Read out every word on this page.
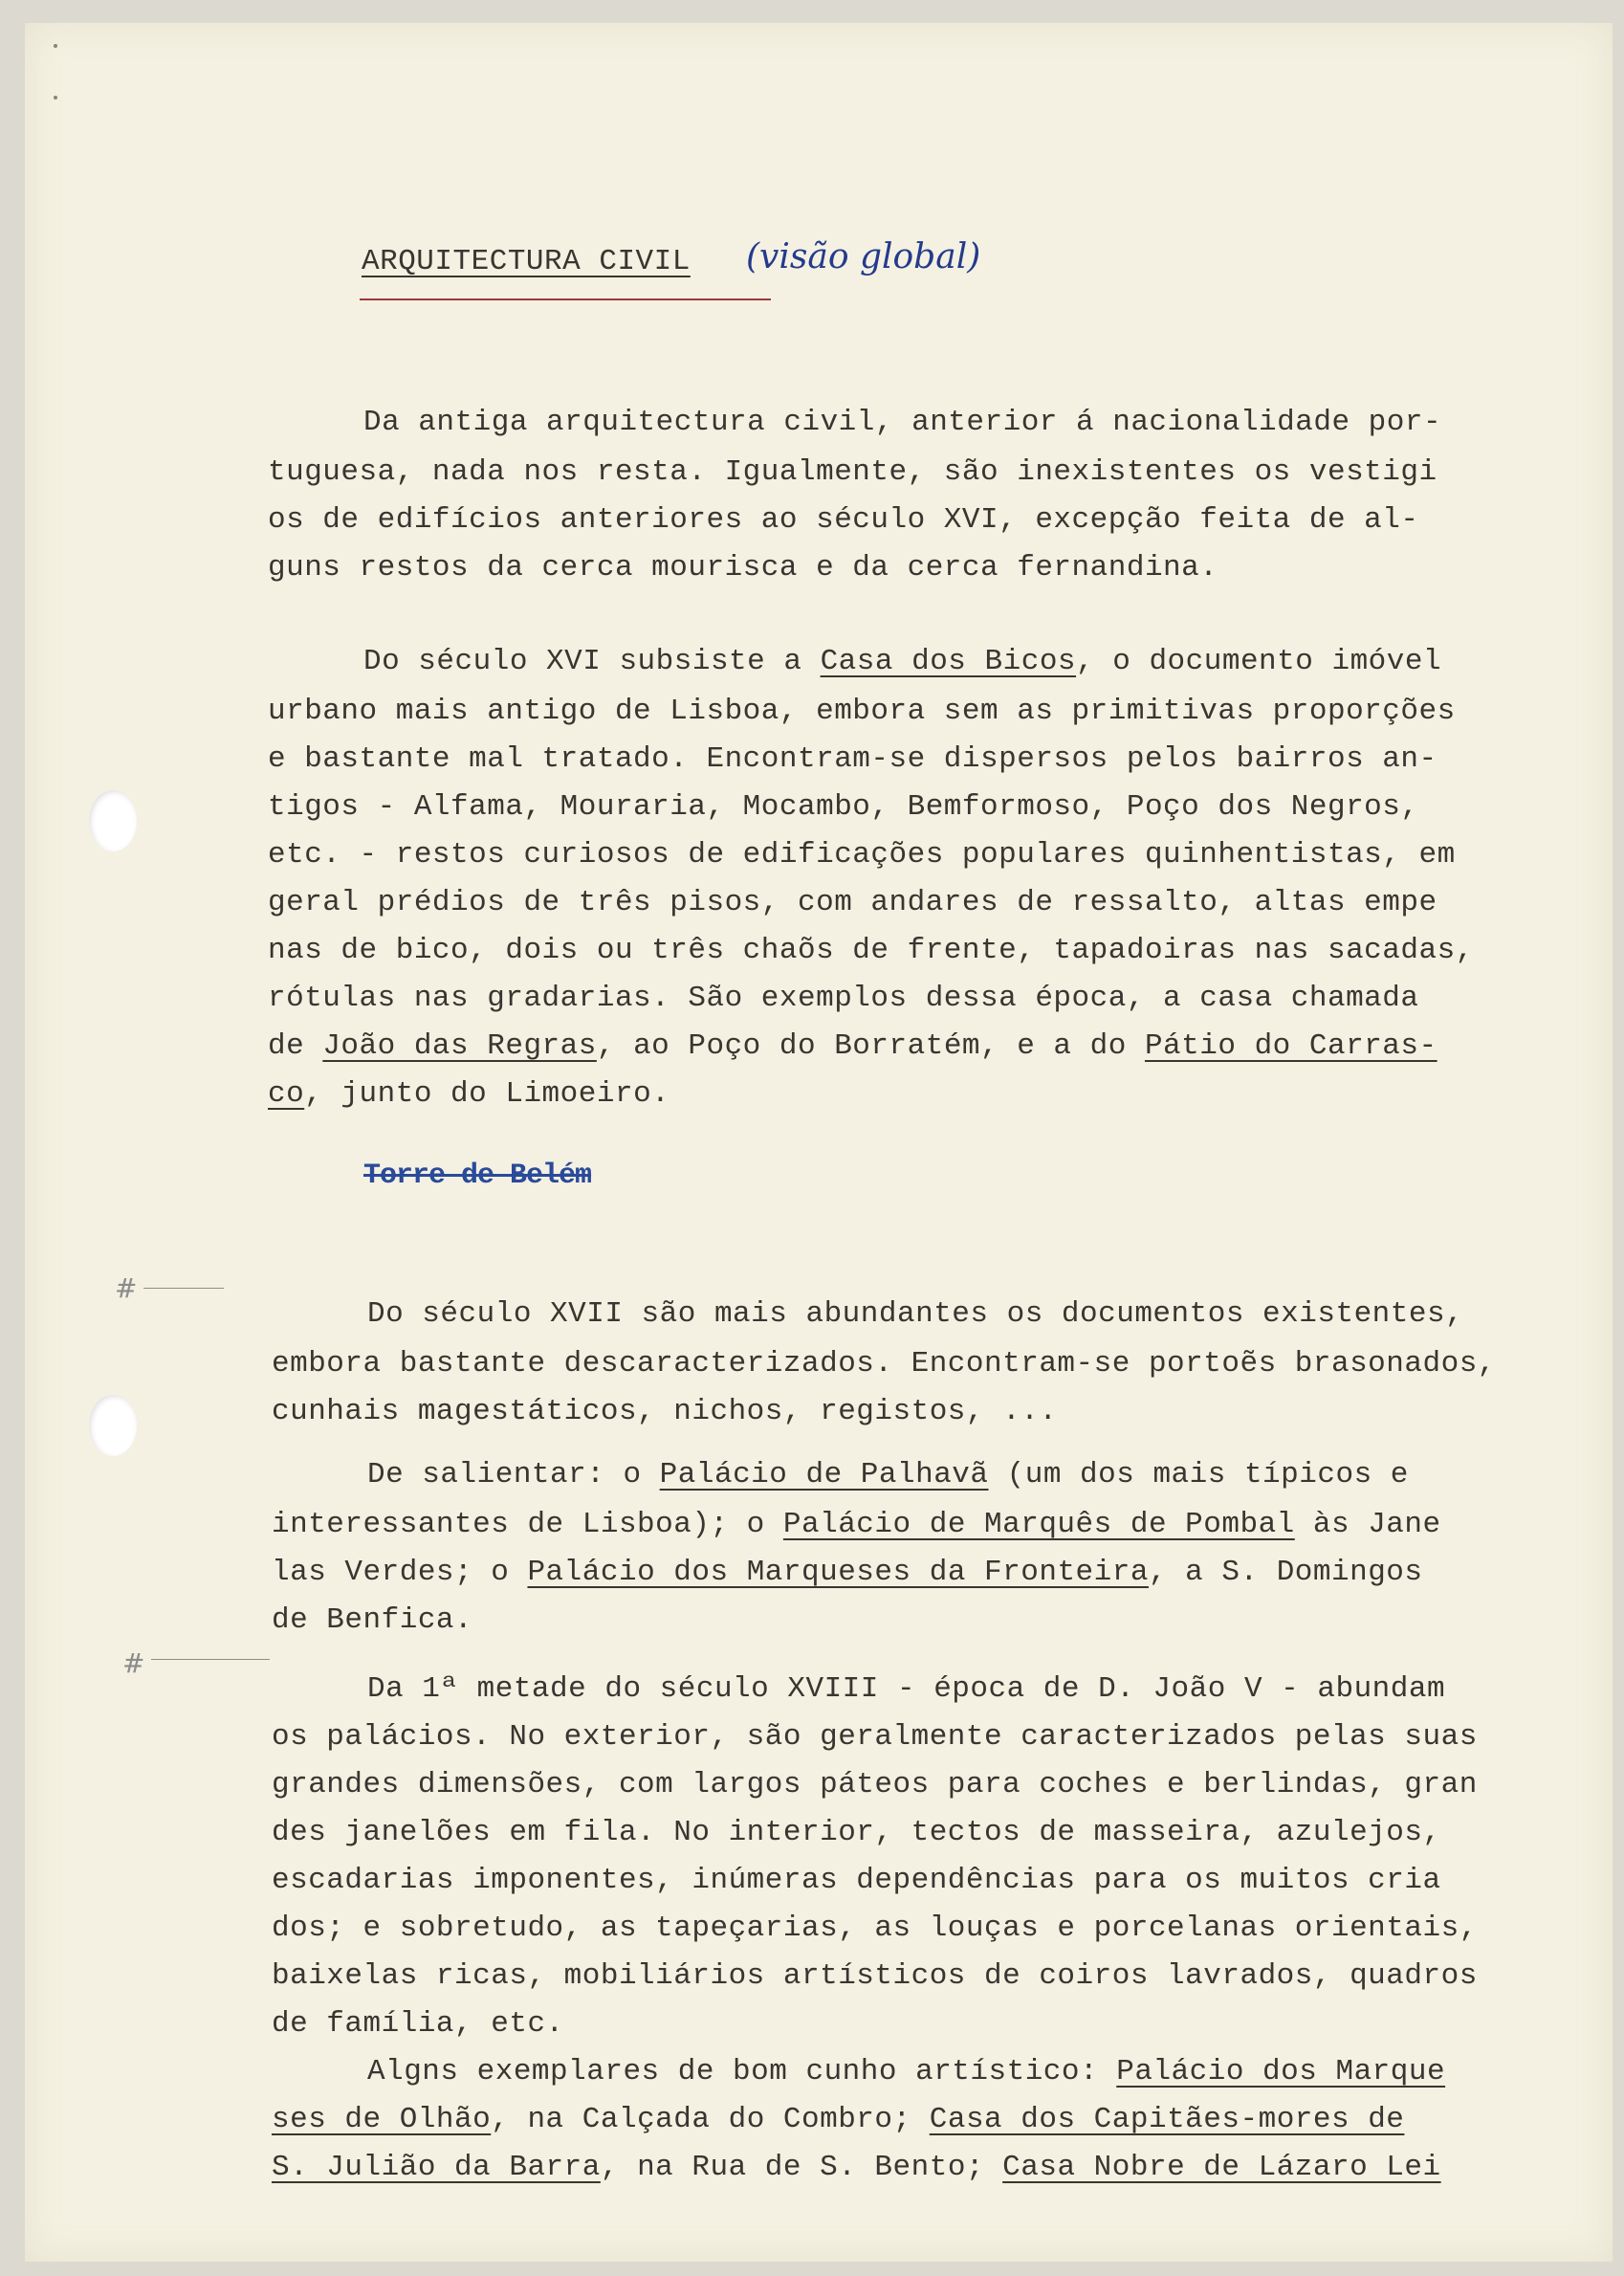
ARQUITECTURA CIVIL (visão global)
Torre de Belém
#
#
Da antiga arquitectura civil, anterior á nacionalidade por-
tuguesa, nada nos resta. Igualmente, são inexistentes os vestigi
os de edifícios anteriores ao século XVI, excepção feita de al-
guns restos da cerca mourisca e da cerca fernandina.
Do século XVI subsiste a Casa dos Bicos, o documento imóvel
urbano mais antigo de Lisboa, embora sem as primitivas proporções
e bastante mal tratado. Encontram-se dispersos pelos bairros an-
tigos - Alfama, Mouraria, Mocambo, Bemformoso, Poço dos Negros,
etc. - restos curiosos de edificações populares quinhentistas, em
geral prédios de três pisos, com andares de ressalto, altas empe
nas de bico, dois ou três chaõs de frente, tapadoiras nas sacadas,
rótulas nas gradarias. São exemplos dessa época, a casa chamada
de João das Regras, ao Poço do Borratém, e a do Pátio do Carras-
co, junto do Limoeiro.
Do século XVII são mais abundantes os documentos existentes,
embora bastante descaracterizados. Encontram-se portoẽs brasonados,
cunhais magestáticos, nichos, registos, ...
De salientar: o Palácio de Palhavã (um dos mais típicos e
interessantes de Lisboa); o Palácio de Marquês de Pombal às Jane
las Verdes; o Palácio dos Marqueses da Fronteira, a S. Domingos
de Benfica.
Da 1ª metade do século XVIII - época de D. João V - abundam
os palácios. No exterior, são geralmente caracterizados pelas suas
grandes dimensões, com largos páteos para coches e berlindas, gran
des janelões em fila. No interior, tectos de masseira, azulejos,
escadarias imponentes, inúmeras dependências para os muitos cria
dos; e sobretudo, as tapeçarias, as louças e porcelanas orientais,
baixelas ricas, mobiliários artísticos de coiros lavrados, quadros
de família, etc.
Algns exemplares de bom cunho artístico: Palácio dos Marque
ses de Olhão, na Calçada do Combro; Casa dos Capitães-mores de
S. Julião da Barra, na Rua de S. Bento; Casa Nobre de Lázaro Lei
